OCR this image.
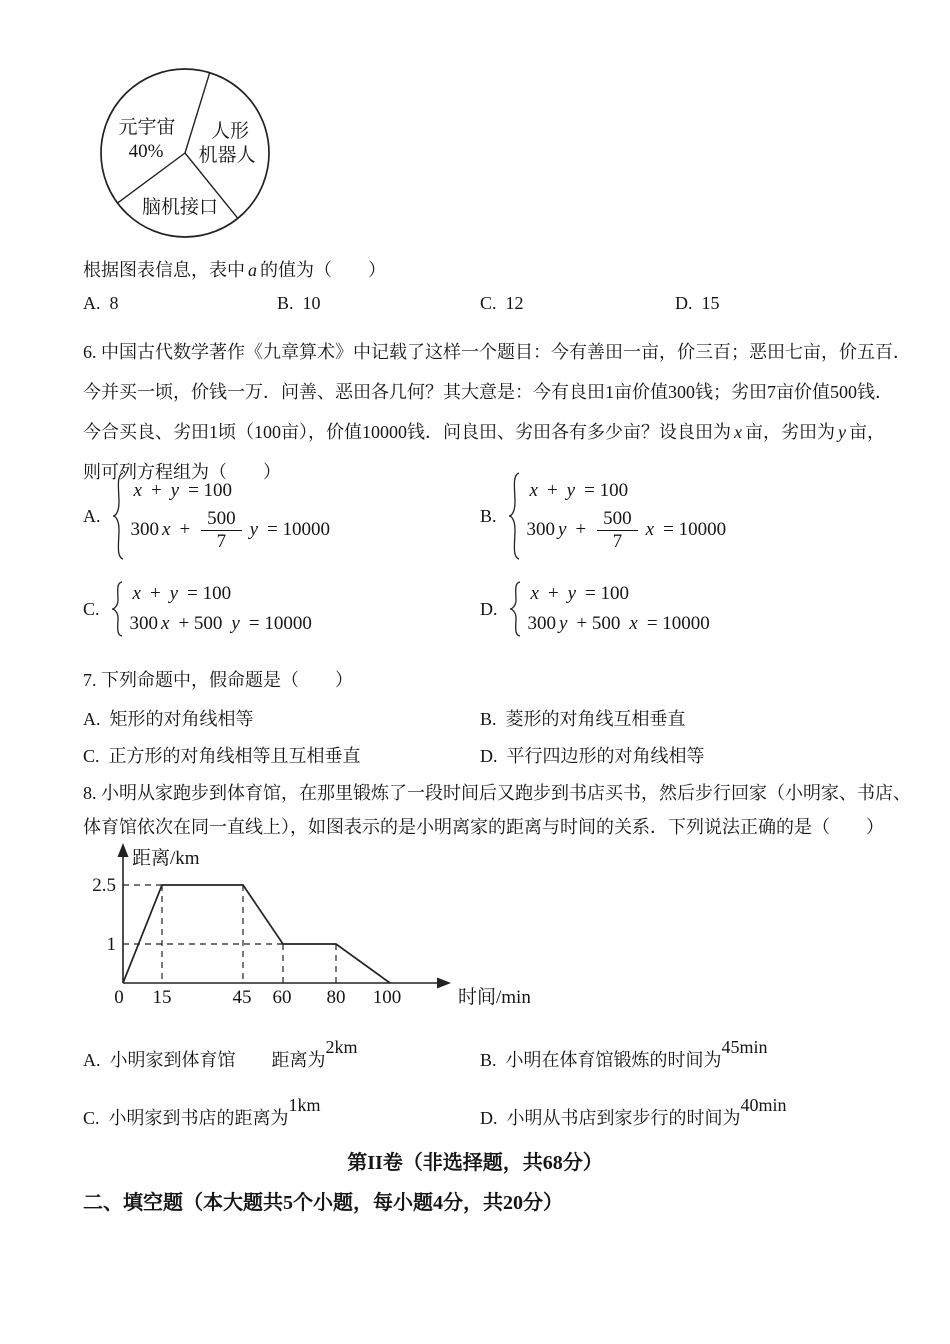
元宇宙
40%
人形
机器人
脑机接口
根据图表信息，表中 a 的值为（　　）
A. 8	B. 10	C. 12	D. 15
6. 中国古代数学著作《九章算术》中记载了这样一个题目：今有善田一亩，价三百；恶田七亩，价五百．
今并买一顷，价钱一万．问善、恶田各几何？其大意是：今有良田1亩价值300钱；劣田7亩价值500钱．
今合买良、劣田1顷（100亩），价值10000钱．问良田、劣田各有多少亩？设良田为 x 亩，劣田为 y 亩，
则可列方程组为（　　）
A.
x + y = 100
300 $x + \frac{500}{7}$ y = 10000
B.
x + y = 100
300 $y + \frac{500}{7}$ x = 10000
C.
x + y = 100
300 x + 500 y = 10000
D.
x + y = 100
300 y + 500 x = 10000
7. 下列命题中，假命题是（　　）
A. 矩形的对角线相等	B. 菱形的对角线互相垂直
C. 正方形的对角线相等且互相垂直	D. 平行四边形的对角线相等
8. 小明从家跑步到体育馆，在那里锻炼了一段时间后又跑步到书店买书，然后步行回家（小明家、书店、
体育馆依次在同一直线上），如图表示的是小明离家的距离与时间的关系．下列说法正确的是（　　）
距离/km
2.5
1
0 15	45 60 80 100	时间/min
A. 小明家到体育馆 距离为2km
B. 小明在体育馆锻炼的时间为45min
C. 小明家到书店的距离为1km
D. 小明从书店到家步行的时间为40min
第II卷（非选择题，共68分）
二、填空题（本大题共5个小题，每小题4分，共20分）
